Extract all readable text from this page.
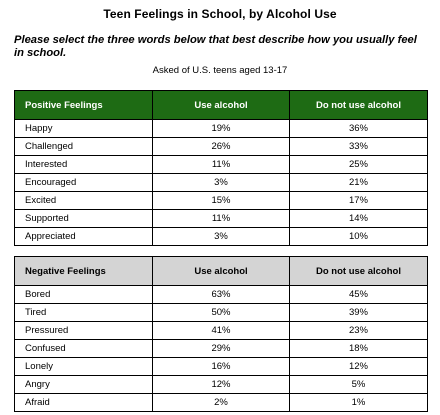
Teen Feelings in School, by Alcohol Use
Please select the three words below that best describe how you usually feel in school.
Asked of U.S. teens aged 13-17
Positive Feelings	Use alcohol	Do not use alcohol
Happy	19%	36%
Challenged	26%	33%
Interested	11%	25%
Encouraged	3%	21%
Excited	15%	17%
Supported	11%	14%
Appreciated	3%	10%
Negative Feelings	Use alcohol	Do not use alcohol
Bored	63%	45%
Tired	50%	39%
Pressured	41%	23%
Confused	29%	18%
Lonely	16%	12%
Angry	12%	5%
Afraid	2%	1%
